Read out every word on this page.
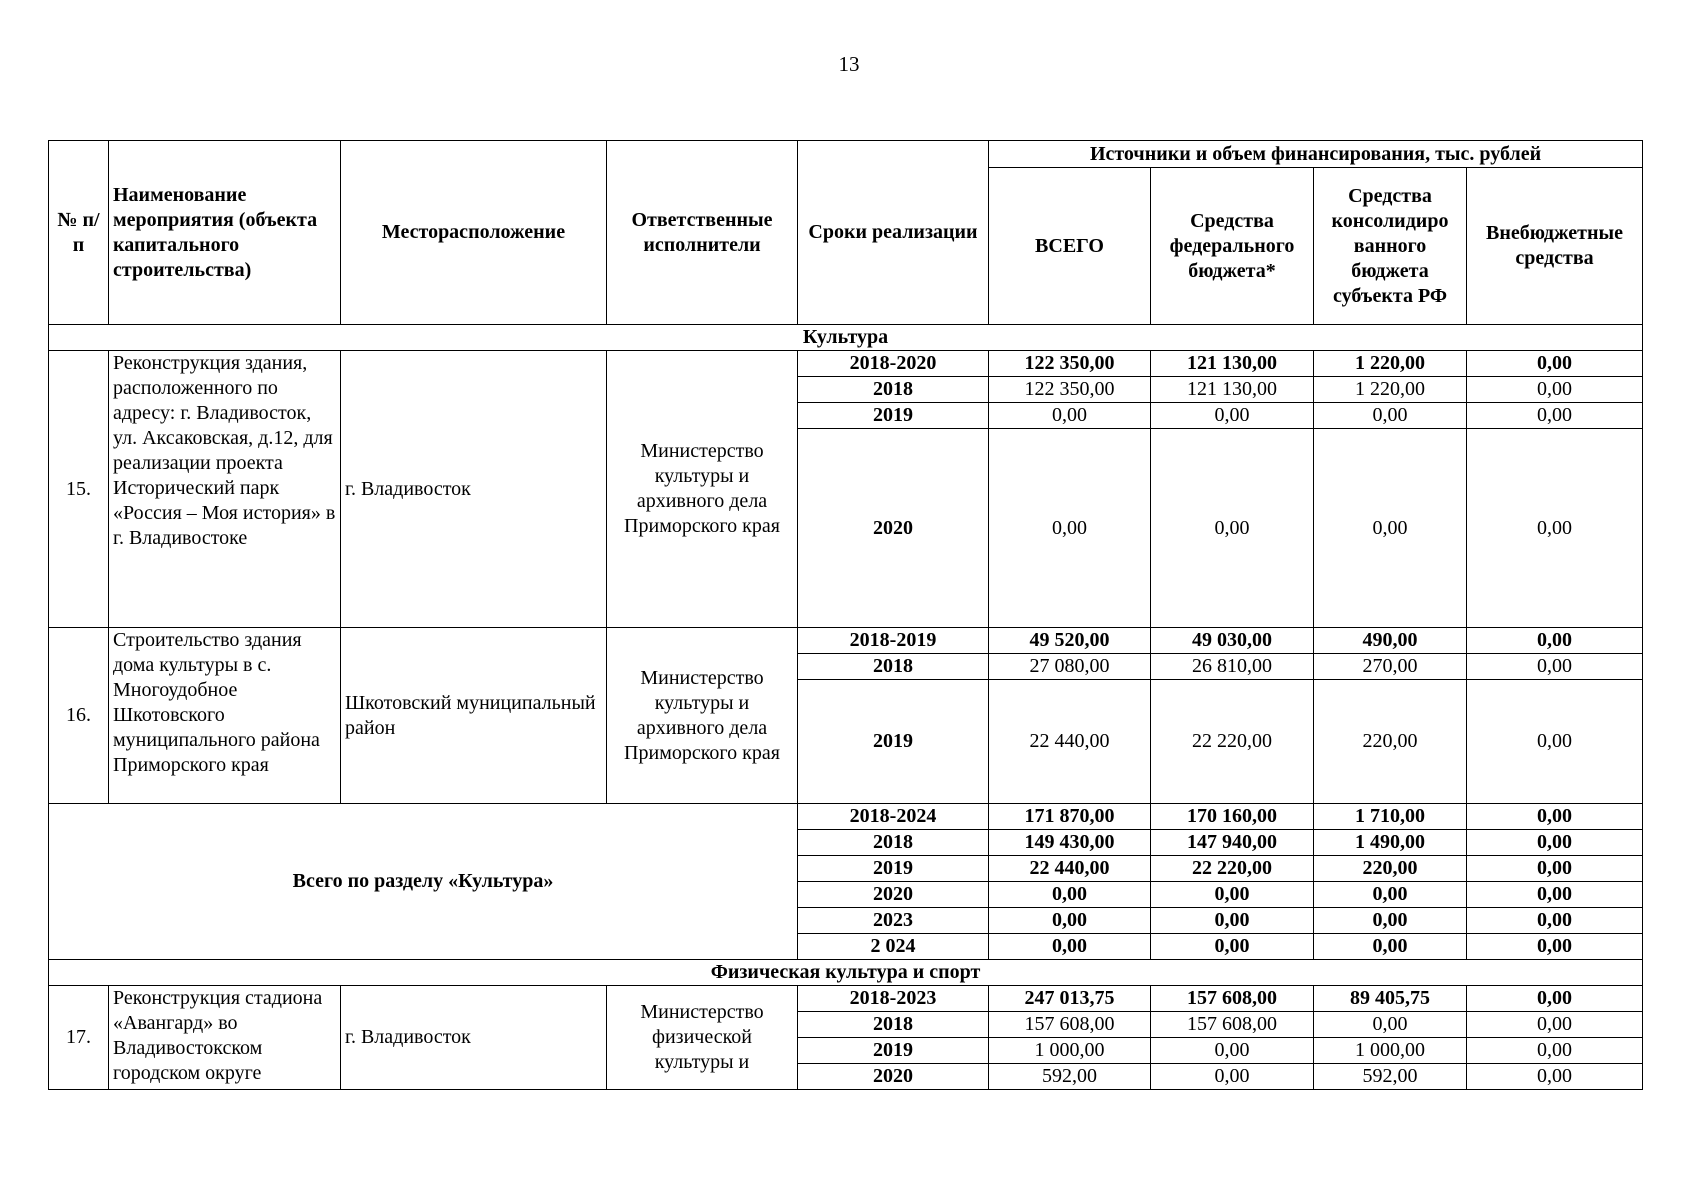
13
№ п/п	Наименование мероприятия (объекта капитального строительства)	Месторасположение	Ответственные исполнители	Сроки реализации	Источники и объем финансирования, тыс. рублей			
					ВСЕГО	Средства федерального бюджета*	Средства консолидиро ванного бюджета субъекта РФ	Внебюджетные средства
Культура								
15.	Реконструкция здания, расположенного по адресу: г. Владивосток, ул. Аксаковская, д.12, для реализации проекта Исторический парк «Россия – Моя история» в г. Владивостоке	г. Владивосток	Министерство культуры и архивного дела Приморского края	2018-2020	122 350,00	121 130,00	1 220,00	0,00
				2018	122 350,00	121 130,00	1 220,00	0,00
				2019	0,00	0,00	0,00	0,00
				2020	0,00	0,00	0,00	0,00
16.	Строительство здания дома культуры в с. Многоудобное Шкотовского муниципального района Приморского края	Шкотовский муниципальный район	Министерство культуры и архивного дела Приморского края	2018-2019	49 520,00	49 030,00	490,00	0,00
				2018	27 080,00	26 810,00	270,00	0,00
				2019	22 440,00	22 220,00	220,00	0,00
Всего по разделу «Культура»				2018-2024	171 870,00	170 160,00	1 710,00	0,00
				2018	149 430,00	147 940,00	1 490,00	0,00
				2019	22 440,00	22 220,00	220,00	0,00
				2020	0,00	0,00	0,00	0,00
				2023	0,00	0,00	0,00	0,00
				2 024	0,00	0,00	0,00	0,00
Физическая культура и спорт								
17.	Реконструкция стадиона «Авангард» во Владивостокском городском округе	г. Владивосток	Министерство физической культуры и	2018-2023	247 013,75	157 608,00	89 405,75	0,00
				2018	157 608,00	157 608,00	0,00	0,00
				2019	1 000,00	0,00	1 000,00	0,00
				2020	592,00	0,00	592,00	0,00
